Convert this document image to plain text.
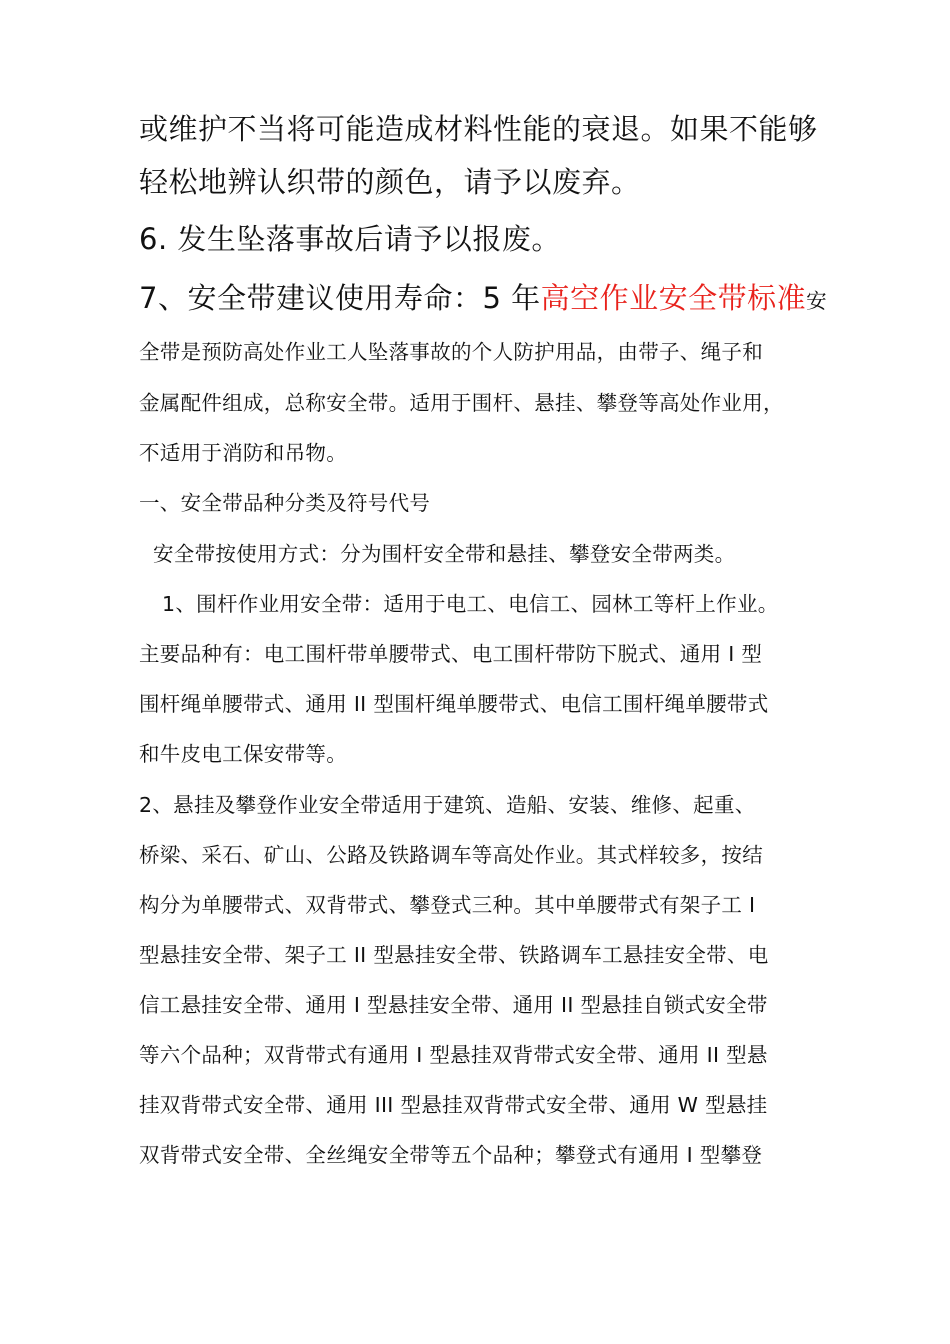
或维护不当将可能造成材料性能的衰退。如果不能够
轻松地辨认织带的颜色，请予以废弃。
6. 发生坠落事故后请予以报废。
7、安全带建议使用寿命：5 年高空作业安全带标准安
全带是预防高处作业工人坠落事故的个人防护用品，由带子、绳子和
金属配件组成，总称安全带。适用于围杆、悬挂、攀登等高处作业用，
不适用于消防和吊物。
一、安全带品种分类及符号代号
安全带按使用方式：分为围杆安全带和悬挂、攀登安全带两类。
1、围杆作业用安全带：适用于电工、电信工、园林工等杆上作业。
主要品种有：电工围杆带单腰带式、电工围杆带防下脱式、通用 I 型
围杆绳单腰带式、通用 II 型围杆绳单腰带式、电信工围杆绳单腰带式
和牛皮电工保安带等。
2、悬挂及攀登作业安全带适用于建筑、造船、安装、维修、起重、
桥梁、采石、矿山、公路及铁路调车等高处作业。其式样较多，按结
构分为单腰带式、双背带式、攀登式三种。其中单腰带式有架子工 I
型悬挂安全带、架子工 II 型悬挂安全带、铁路调车工悬挂安全带、电
信工悬挂安全带、通用 I 型悬挂安全带、通用 II 型悬挂自锁式安全带
等六个品种；双背带式有通用 I 型悬挂双背带式安全带、通用 II 型悬
挂双背带式安全带、通用 III 型悬挂双背带式安全带、通用 W 型悬挂
双背带式安全带、全丝绳安全带等五个品种；攀登式有通用 I 型攀登
